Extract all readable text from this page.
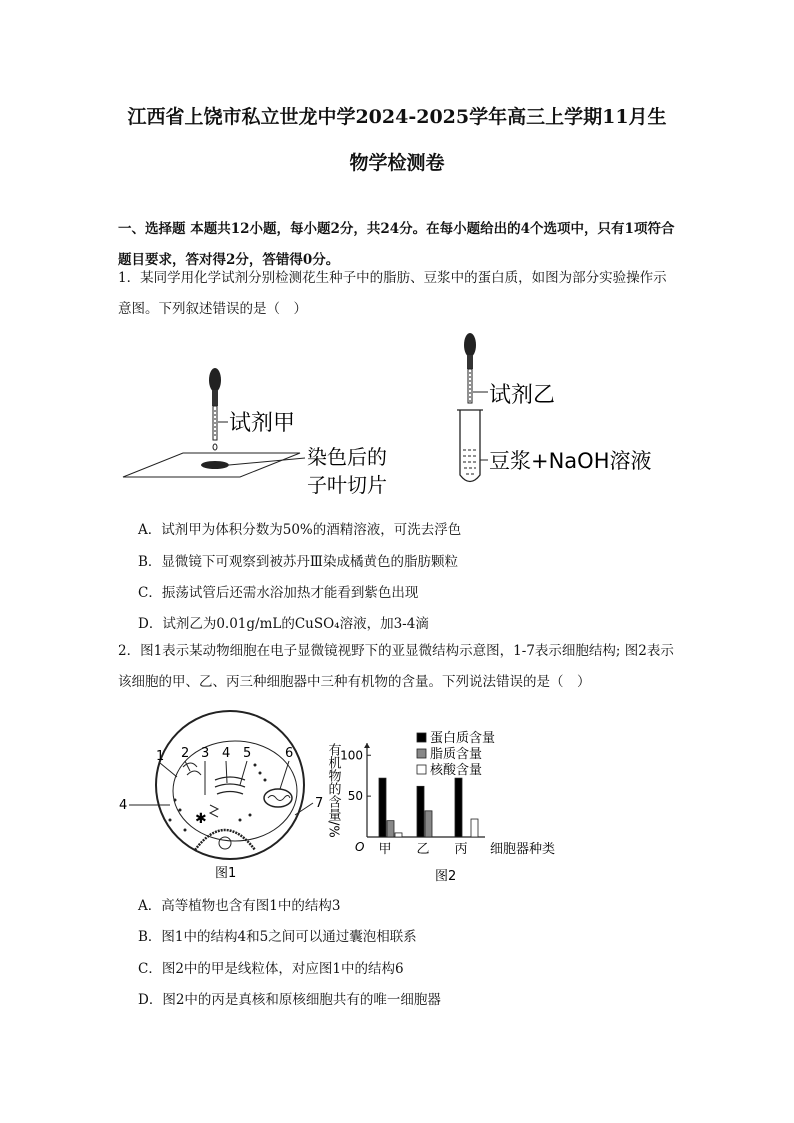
江西省上饶市私立世龙中学2024-2025学年高三上学期11月生
物学检测卷
一、选择题 本题共12小题，每小题2分，共24分。在每小题给出的4个选项中，只有1项符合题目要求，答对得2分，答错得0分。
1．某同学用化学试剂分别检测花生种子中的脂肪、豆浆中的蛋白质，如图为部分实验操作示意图。下列叙述错误的是（　）
试剂甲
染色后的
子叶切片
试剂乙
豆浆+NaOH溶液
A．试剂甲为体积分数为50%的酒精溶液，可洗去浮色
B．显微镜下可观察到被苏丹Ⅲ染成橘黄色的脂肪颗粒
C．振荡试管后还需水浴加热才能看到紫色出现
D．试剂乙为0.01g/mL的CuSO₄溶液，加3-4滴
2．图1表示某动物细胞在电子显微镜视野下的亚显微结构示意图，1-7表示细胞结构; 图2表示该细胞的甲、乙、丙三种细胞器中三种有机物的含量。下列说法错误的是（　）
✱
1 2 3 4 5	6
4	7
图1
O
50
100
有机物的含量/%
甲 乙 丙 细胞器种类
蛋白质含量
脂质含量
核酸含量
图2
A．高等植物也含有图1中的结构3
B．图1中的结构4和5之间可以通过囊泡相联系
C．图2中的甲是线粒体，对应图1中的结构6
D．图2中的丙是真核和原核细胞共有的唯一细胞器
